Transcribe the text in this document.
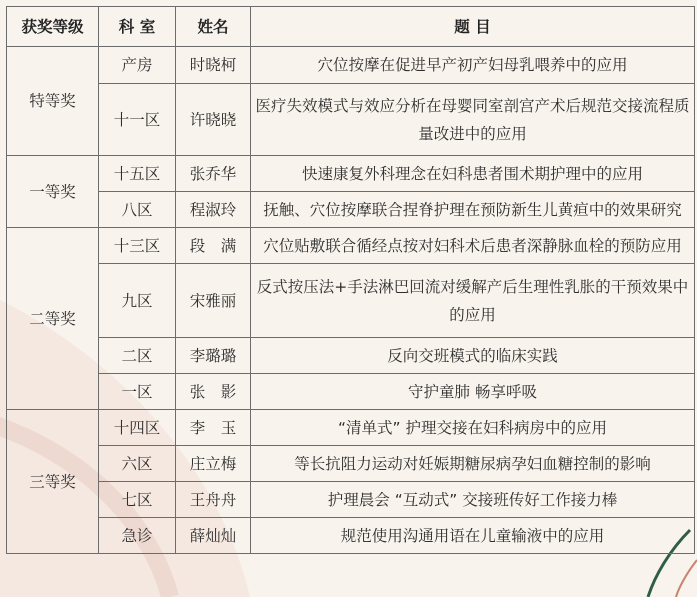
获奖等级	科 室	姓名	题 目
特等奖	产房	时晓柯	穴位按摩在促进早产初产妇母乳喂养中的应用
	十一区	许晓晓	医疗失效模式与效应分析在母婴同室剖宫产术后规范交接流程质量改进中的应用
一等奖	十五区	张乔华	快速康复外科理念在妇科患者围术期护理中的应用
	八区	程淑玲	抚触、穴位按摩联合捏脊护理在预防新生儿黄疸中的效果研究
二等奖	十三区	段　满	穴位贴敷联合循经点按对妇科术后患者深静脉血栓的预防应用
	九区	宋雅丽	反式按压法+手法淋巴回流对缓解产后生理性乳胀的干预效果中的应用
	二区	李璐璐	反向交班模式的临床实践
	一区	张　影	守护童肺 畅享呼吸
三等奖	十四区	李　玉	“清单式” 护理交接在妇科病房中的应用
	六区	庄立梅	等长抗阻力运动对妊娠期糖尿病孕妇血糖控制的影响
	七区	王舟舟	护理晨会 “互动式” 交接班传好工作接力棒
	急诊	薛灿灿	规范使用沟通用语在儿童输液中的应用
